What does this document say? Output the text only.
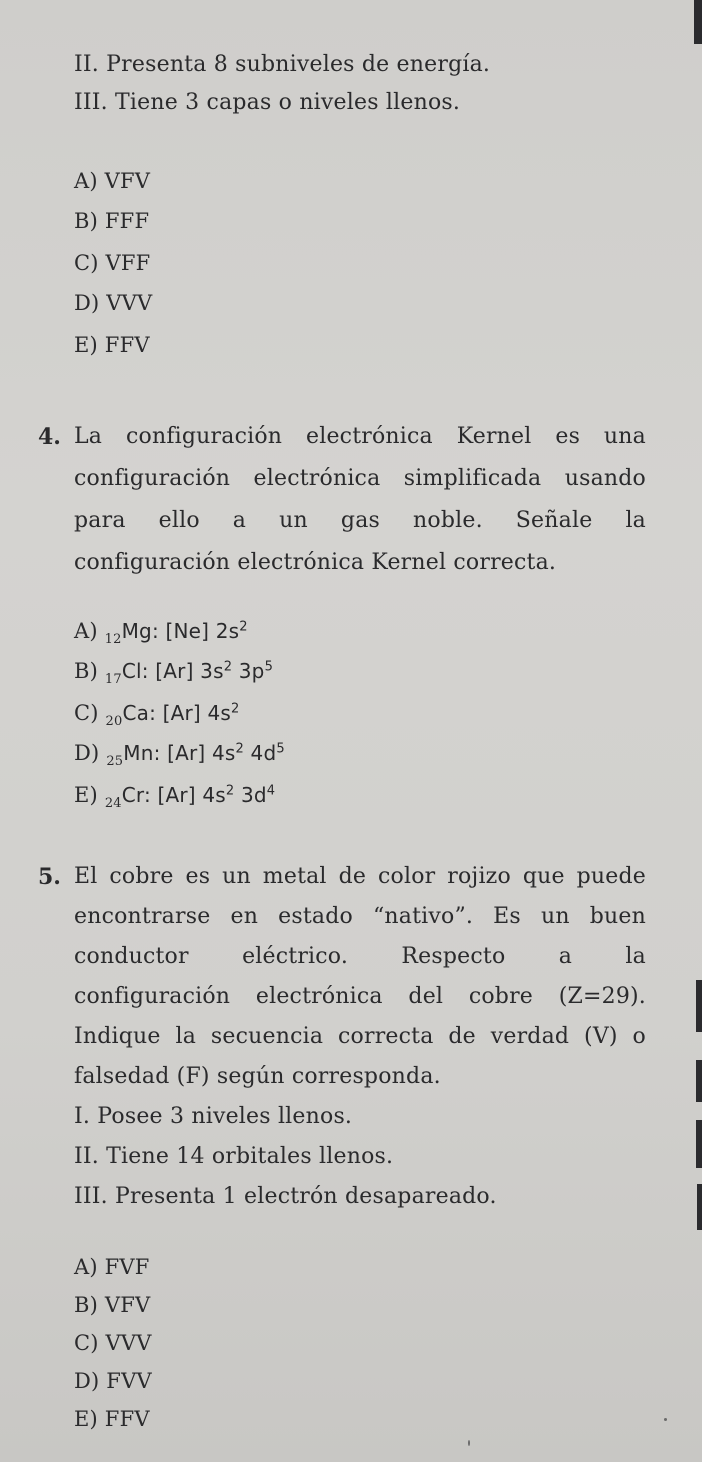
II. Presenta 8 subniveles de energía.
III. Tiene 3 capas o niveles llenos.
A) VFV
B) FFF
C) VFF
D) VVV
E) FFV
4. La configuración electrónica Kernel es una
configuración electrónica simplificada usando
para ello a un gas noble. Señale la
configuración electrónica Kernel correcta.
A) $_{12}$Mg: [Ne] $2s^2$
B) $_{17}$Cl: [Ar] $3s^2$ $3p^5$
C) $_{20}$Ca: [Ar] $4s^2$
D) $_{25}$Mn: [Ar] $4s^2$ $4d^5$
E) $_{24}$Cr: [Ar] $4s^2$ $3d^4$
5. El cobre es un metal de color rojizo que puede
encontrarse en estado “nativo”. Es un buen
conductor eléctrico. Respecto a la
configuración electrónica del cobre (Z=29).
Indique la secuencia correcta de verdad (V) o
falsedad (F) según corresponda.
I. Posee 3 niveles llenos.
II. Tiene 14 orbitales llenos.
III. Presenta 1 electrón desapareado.
A) FVF
B) VFV
C) VVV
D) FVV
E) FFV
